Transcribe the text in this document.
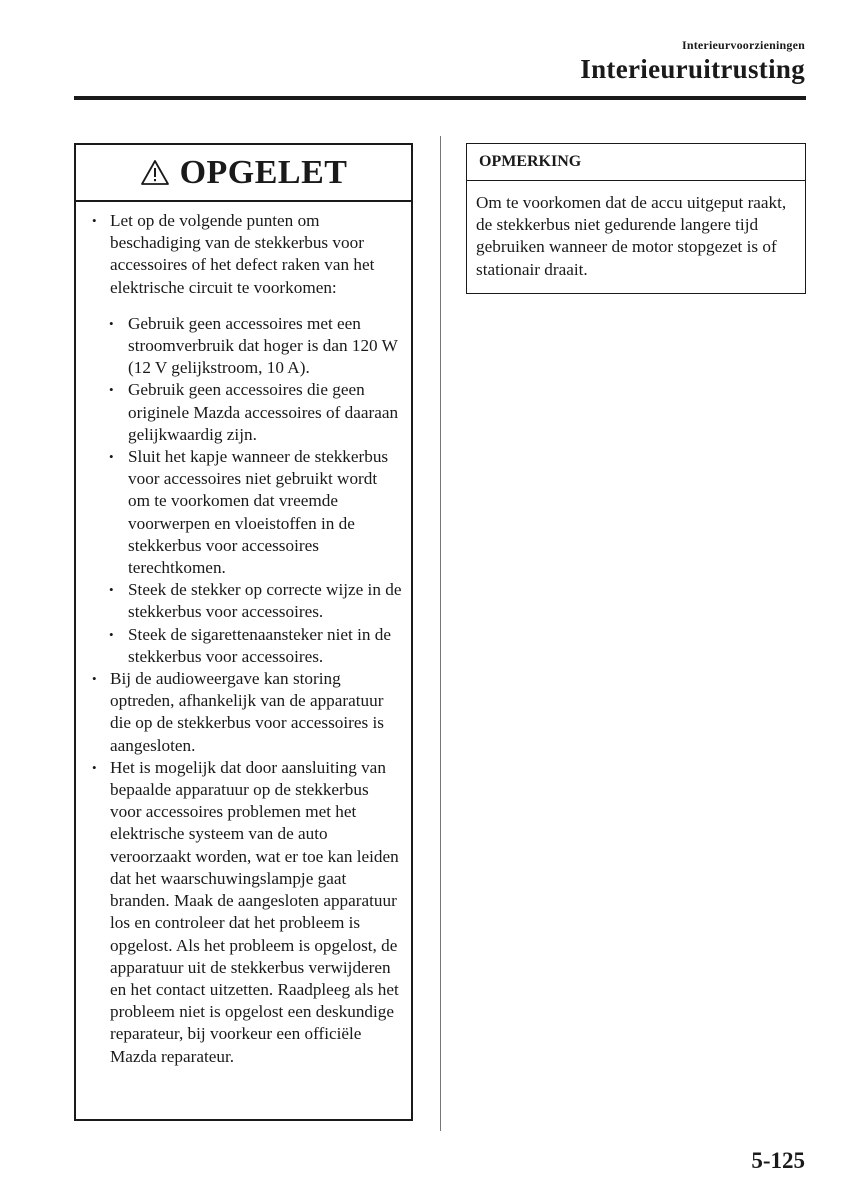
Interieurvoorzieningen
Interieuruitrusting
OPGELET

• Let op de volgende punten om beschadiging van de stekkerbus voor accessoires of het defect raken van het elektrische circuit te voorkomen:

• Gebruik geen accessoires met een stroomverbruik dat hoger is dan 120 W (12 V gelijkstroom, 10 A).

• Gebruik geen accessoires die geen originele Mazda accessoires of daaraan gelijkwaardig zijn.

• Sluit het kapje wanneer de stekkerbus voor accessoires niet gebruikt wordt om te voorkomen dat vreemde voorwerpen en vloeistoffen in de stekkerbus voor accessoires terechtkomen.

• Steek de stekker op correcte wijze in de stekkerbus voor accessoires.

• Steek de sigarettenaansteker niet in de stekkerbus voor accessoires.

• Bij de audioweergave kan storing optreden, afhankelijk van de apparatuur die op de stekkerbus voor accessoires is aangesloten.

• Het is mogelijk dat door aansluiting van bepaalde apparatuur op de stekkerbus voor accessoires problemen met het elektrische systeem van de auto veroorzaakt worden, wat er toe kan leiden dat het waarschuwingslampje gaat branden. Maak de aangesloten apparatuur los en controleer dat het probleem is opgelost. Als het probleem is opgelost, de apparatuur uit de stekkerbus verwijderen en het contact uitzetten. Raadpleeg als het probleem niet is opgelost een deskundige reparateur, bij voorkeur een officiële Mazda reparateur.

OPMERKING
Om te voorkomen dat de accu uitgeput raakt, de stekkerbus niet gedurende langere tijd gebruiken wanneer de motor stopgezet is of stationair draait.
5-125
